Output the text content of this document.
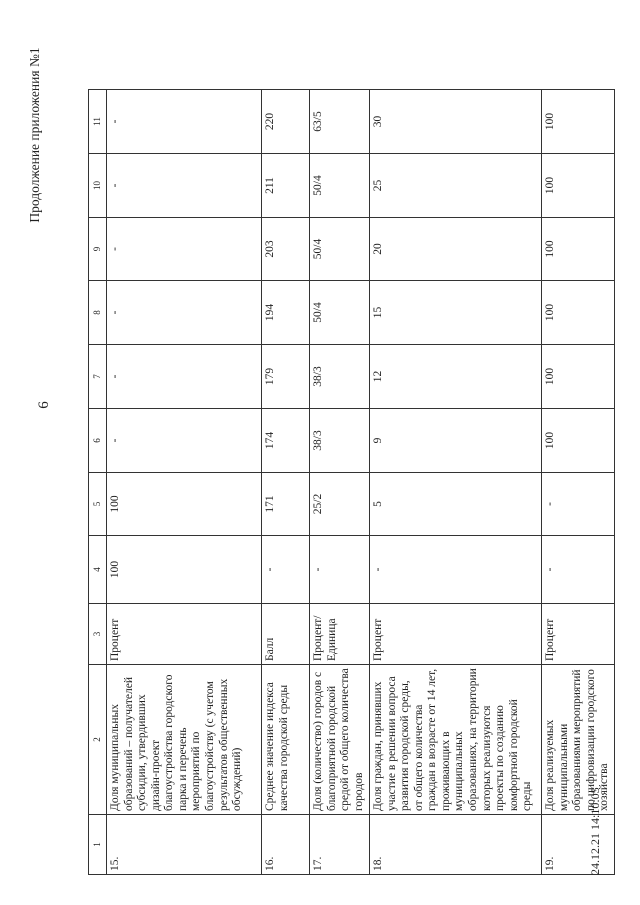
6
Продолжение приложения №1
1	2	3	4	5	6	7	8	9	10	11
15.	Доля муниципальных образований – получателей субсидии, утвердивших дизайн-проект благоустройства городского парка и перечень мероприятий по благоустройству (с учетом результатов общественных обсуждений)	Процент	100	100	-	-	-	-	-	-
16.	Среднее значение индекса качества городской среды	Балл	-	171	174	179	194	203	211	220
17.	Доля (количество) городов с благоприятной городской средой от общего количества городов	Процент/ Единица	-	25/2	38/3	38/3	50/4	50/4	50/4	63/5
18.	Доля граждан, принявших участие в решении вопроса развития городской среды, от общего количества граждан в возрасте от 14 лет, проживающих в муниципальных образованиях, на территории которых реализуются проекты по созданию комфортной городской среды	Процент	-	5	9	12	15	20	25	30
19.	Доля реализуемых муниципальными образованиями мероприятий по цифровизации городского хозяйства	Процент	-	-	100	100	100	100	100	100
24.12.21 14:10:05
